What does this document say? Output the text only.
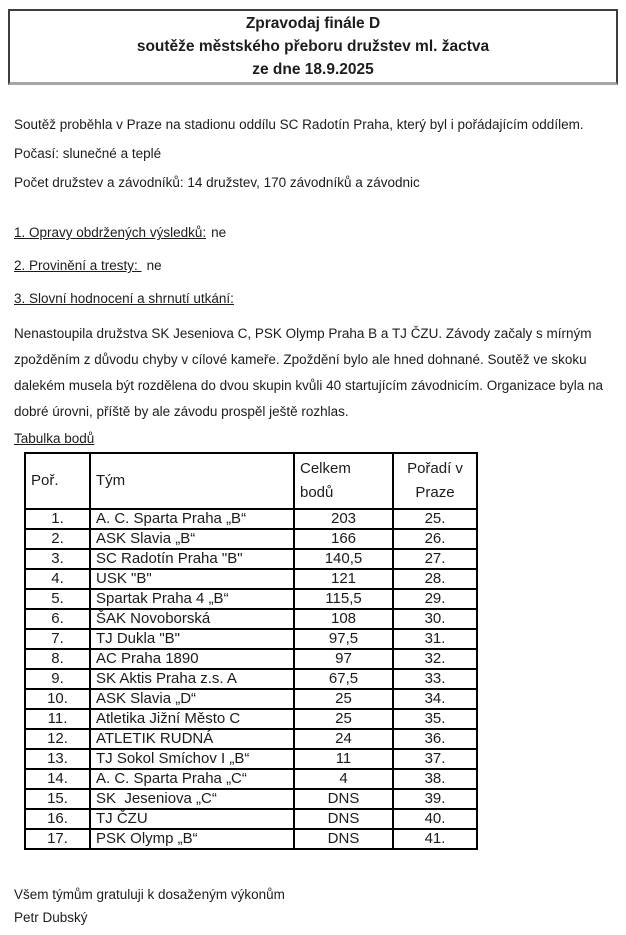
Zpravodaj finále D
soutěže městského přeboru družstev ml. žactva
ze dne 18.9.2025

Soutěž proběhla v Praze na stadionu oddílu SC Radotín Praha, který byl i pořádajícím oddílem.

Počasí: slunečné a teplé

Počet družstev a závodníků: 14 družstev, 170 závodníků a závodnic

1. Opravy obdržených výsledků: ne

2. Provinění a tresty: ne

3. Slovní hodnocení a shrnutí utkání:

Nenastoupila družstva SK Jeseniova C, PSK Olymp Praha B a TJ ČZU. Závody začaly s mírným zpožděním z důvodu chyby v cílové kameře. Zpoždění bylo ale hned dohnané. Soutěž ve skoku dalekém musela být rozdělena do dvou skupin kvůli 40 startujícím závodnicím. Organizace byla na dobré úrovni, příště by ale závodu prospěl ještě rozhlas.

Tabulka bodů
Poř.	Tým	Celkem bodů	Pořadí v Praze
1.	A. C. Sparta Praha „B“	203	25.
2.	ASK Slavia „B“	166	26.
3.	SC Radotín Praha "B"	140,5	27.
4.	USK "B"	121	28.
5.	Spartak Praha 4 „B“	115,5	29.
6.	ŠAK Novoborská	108	30.
7.	TJ Dukla "B"	97,5	31.
8.	AC Praha 1890	97	32.
9.	SK Aktis Praha z.s. A	67,5	33.
10.	ASK Slavia „D“	25	34.
11.	Atletika Jižní Město C	25	35.
12.	ATLETIK RUDNÁ	24	36.
13.	TJ Sokol Smíchov I „B“	11	37.
14.	A. C. Sparta Praha „C“	4	38.
15.	SK  Jeseniova „C“	DNS	39.
16.	TJ ČZU	DNS	40.
17.	PSK Olymp „B“	DNS	41.

Všem týmům gratuluji k dosaženým výkonům
Petr Dubský
